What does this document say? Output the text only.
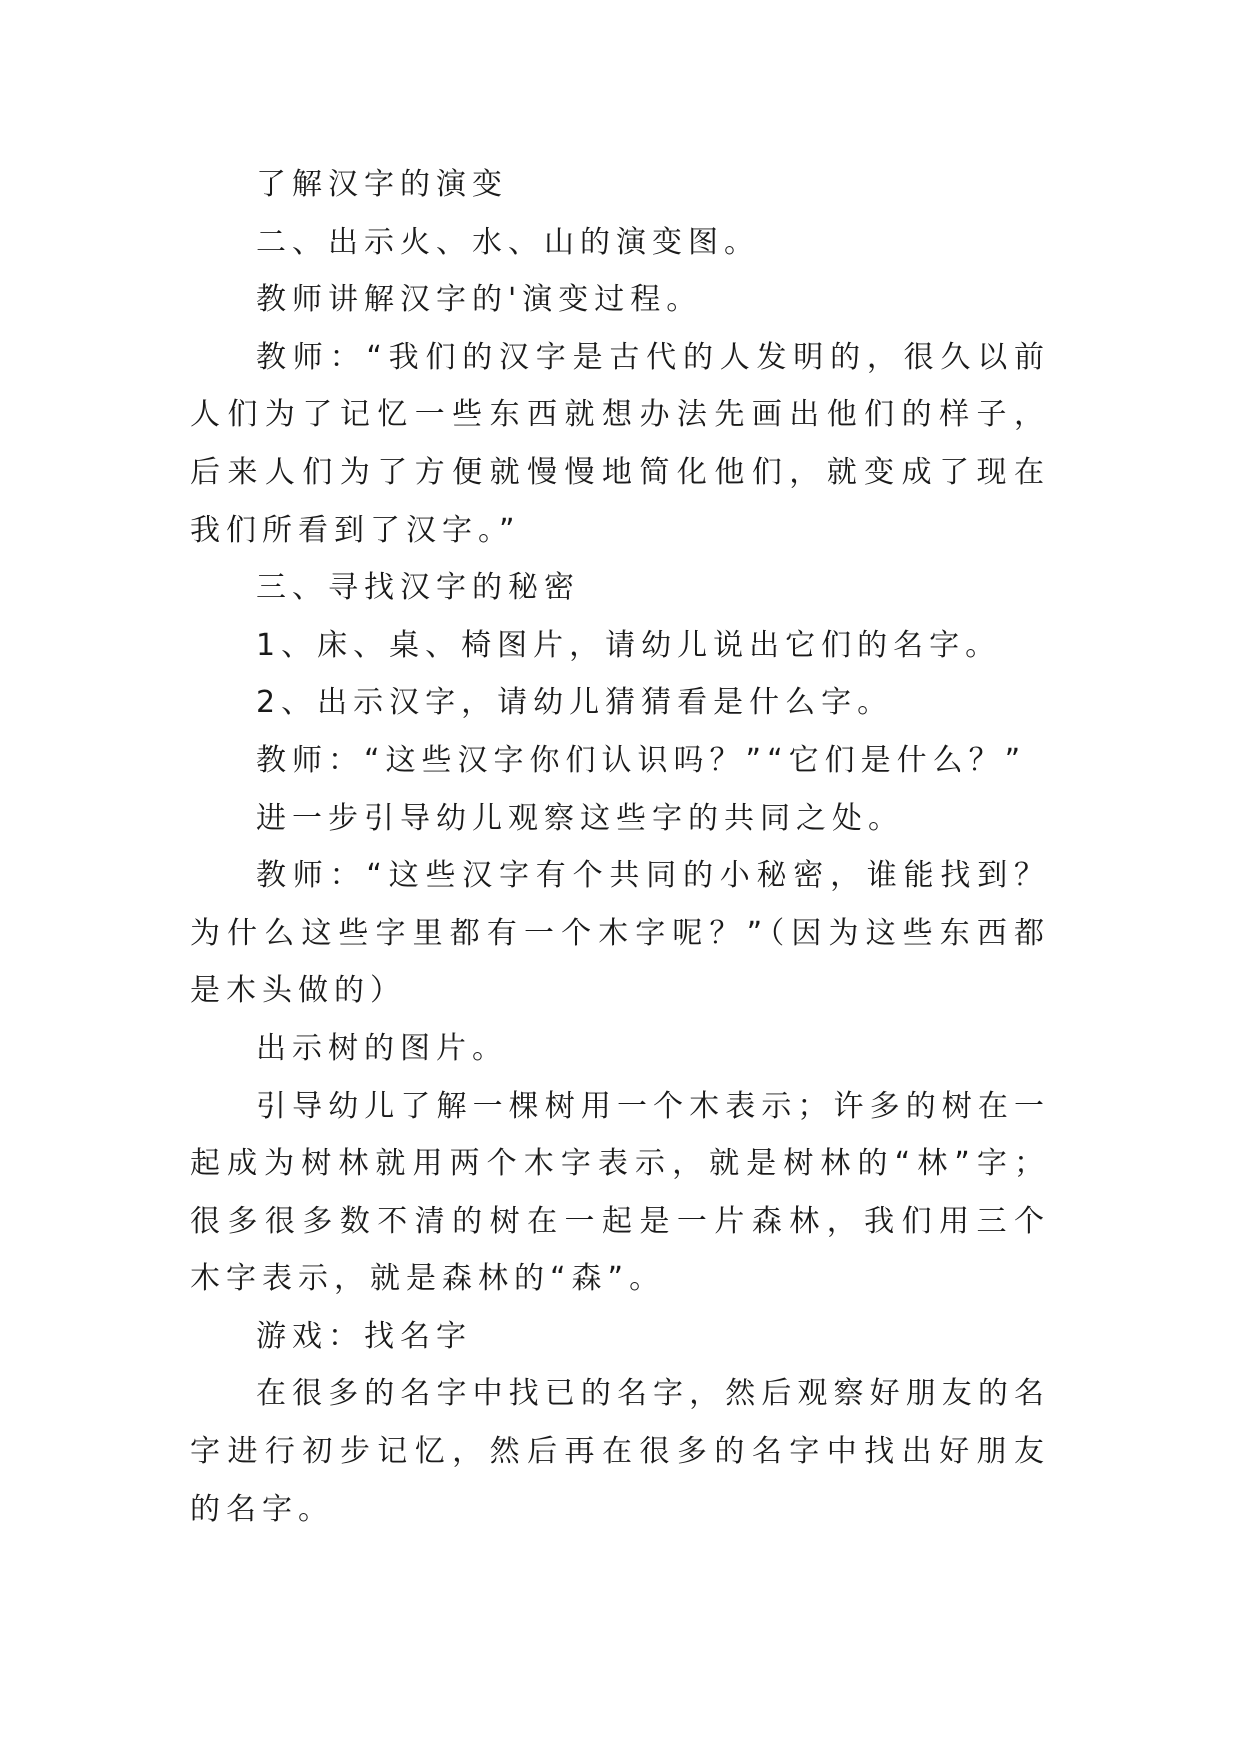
了解汉字的演变

二、出示火、水、山的演变图。

教师讲解汉字的'演变过程。

教师：“我们的汉字是古代的人发明的，很久以前人们为了记忆一些东西就想办法先画出他们的样子，后来人们为了方便就慢慢地简化他们，就变成了现在我们所看到了汉字。”

三、寻找汉字的秘密

1、床、桌、椅图片，请幼儿说出它们的名字。

2、出示汉字，请幼儿猜猜看是什么字。

教师：“这些汉字你们认识吗？”“它们是什么？”

进一步引导幼儿观察这些字的共同之处。

教师：“这些汉字有个共同的小秘密，谁能找到？为什么这些字里都有一个木字呢？”（因为这些东西都是木头做的）

出示树的图片。

引导幼儿了解一棵树用一个木表示；许多的树在一起成为树林就用两个木字表示，就是树林的“林”字；很多很多数不清的树在一起是一片森林，我们用三个木字表示，就是森林的“森”。

游戏：找名字

在很多的名字中找已的名字，然后观察好朋友的名字进行初步记忆，然后再在很多的名字中找出好朋友的名字。
